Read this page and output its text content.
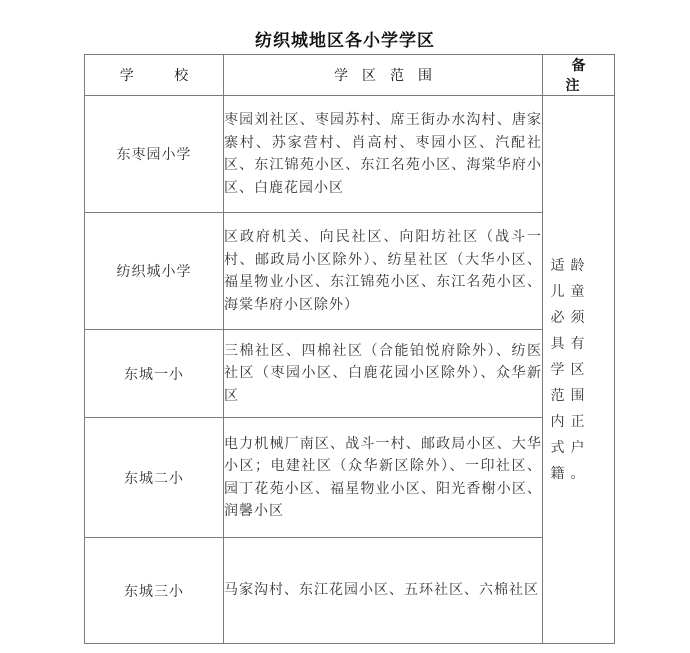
纺织城地区各小学学区
学 校	学区范围	备 注
东枣园小学	枣园刘社区、枣园苏村、席王街办水沟村、唐家寨村、苏家营村、肖高村、枣园小区、汽配社区、东江锦苑小区、东江名苑小区、海棠华府小区、白鹿花园小区	适龄儿童必须具有学区范围内正式户籍。

纺织城小学	区政府机关、向民社区、向阳坊社区（战斗一村、邮政局小区除外）、纺星社区（大华小区、福星物业小区、东江锦苑小区、东江名苑小区、海棠华府小区除外）	
东城一小	三棉社区、四棉社区（合能铂悦府除外）、纺医社区（枣园小区、白鹿花园小区除外）、众华新区	
东城二小	电力机械厂南区、战斗一村、邮政局小区、大华小区；电建社区（众华新区除外）、一印社区、园丁花苑小区、福星物业小区、阳光香榭小区、润馨小区	
东城三小	马家沟村、东江花园小区、五环社区、六棉社区	
